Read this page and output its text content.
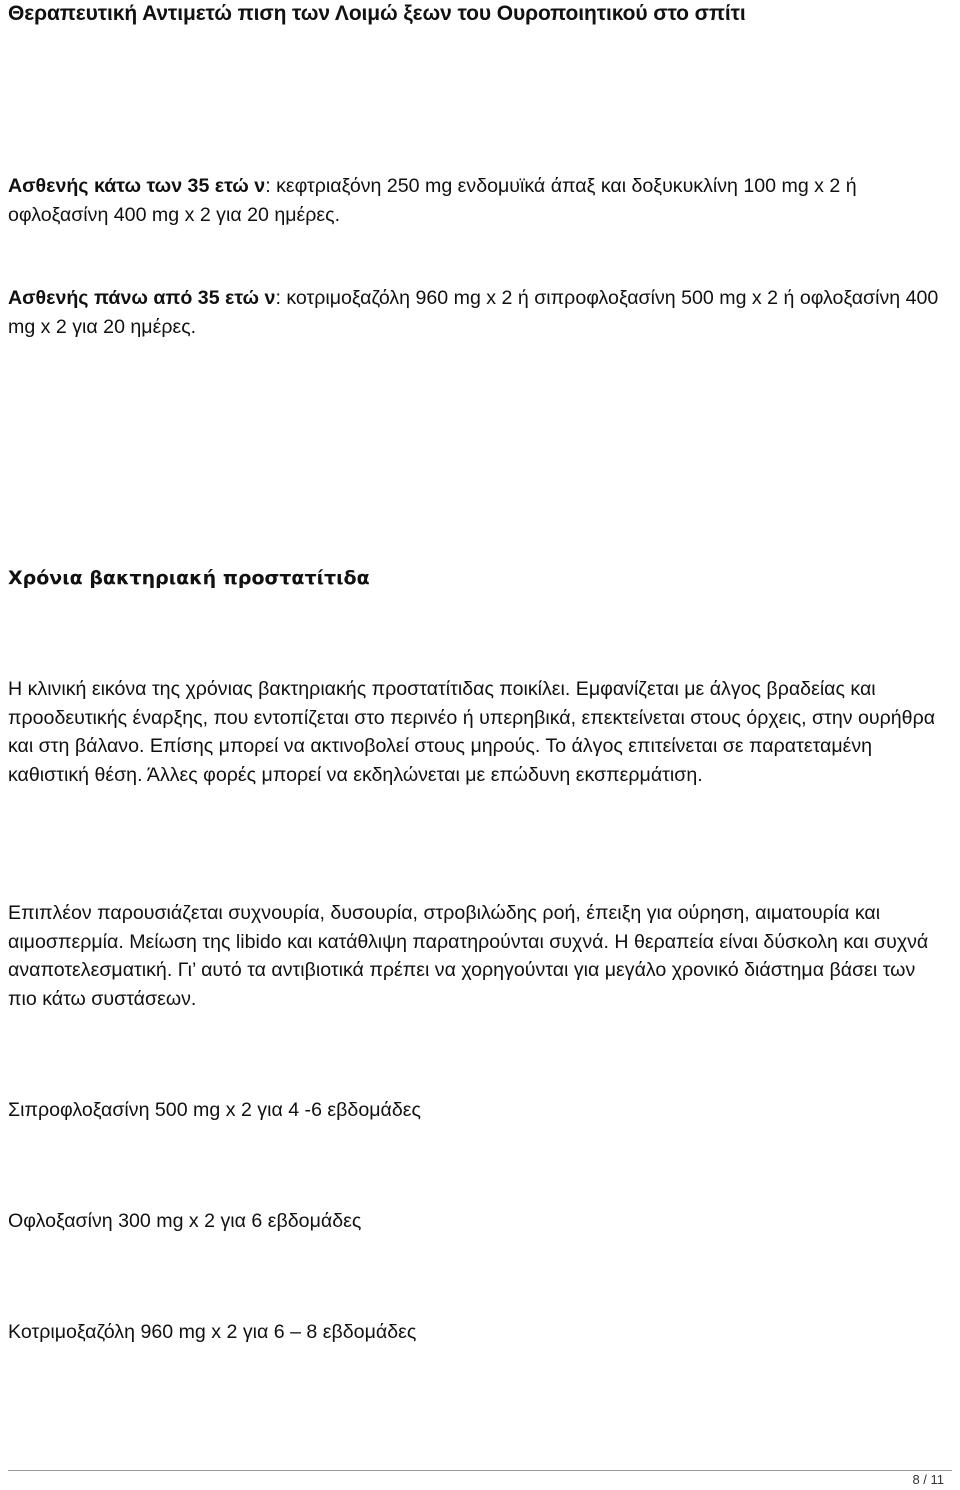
Θεραπευτική Αντιμετώ πιση των Λοιμώ ξεων του Ουροποιητικού στο σπίτι

Ασθενής κάτω των 35 ετώ ν: κεφτριαξόνη 250 mg ενδομυϊκά άπαξ και δοξυκυκλίνη 100 mg x 2 ή οφλοξασίνη 400 mg x 2 για 20 ημέρες.

Ασθενής πάνω από 35 ετώ ν: κοτριμοξαζόλη 960 mg x 2 ή σιπροφλοξασίνη 500 mg x 2 ή οφλοξασίνη 400 mg x 2 για 20 ημέρες.

Χρόνια βακτηριακή προστατίτιδα

Η κλινική εικόνα της χρόνιας βακτηριακής προστατίτιδας ποικίλει. Εμφανίζεται με άλγος βραδείας και προοδευτικής έναρξης, που εντοπίζεται στο περινέο ή υπερηβικά, επεκτείνεται στους όρχεις, στην ουρήθρα και στη βάλανο. Επίσης μπορεί να ακτινοβολεί στους μηρούς. Το άλγος επιτείνεται σε παρατεταμένη καθιστική θέση. Άλλες φορές μπορεί να εκδηλώνεται με επώδυνη εκσπερμάτιση.

Επιπλέον παρουσιάζεται συχνουρία, δυσουρία, στροβιλώδης ροή, έπειξη για ούρηση, αιματουρία και αιμοσπερμία. Μείωση της libido και κατάθλιψη παρατηρούνται συχνά. Η θεραπεία είναι δύσκολη και συχνά αναποτελεσματική. Γι’ αυτό τα αντιβιοτικά πρέπει να χορηγούνται για μεγάλο χρονικό διάστημα βάσει των πιο κάτω συστάσεων.

Σιπροφλοξασίνη 500 mg x 2 για 4 -6 εβδομάδες

Οφλοξασίνη 300 mg x 2 για 6 εβδομάδες

Κοτριμοξαζόλη 960 mg x 2 για 6 – 8 εβδομάδες

8 / 11
